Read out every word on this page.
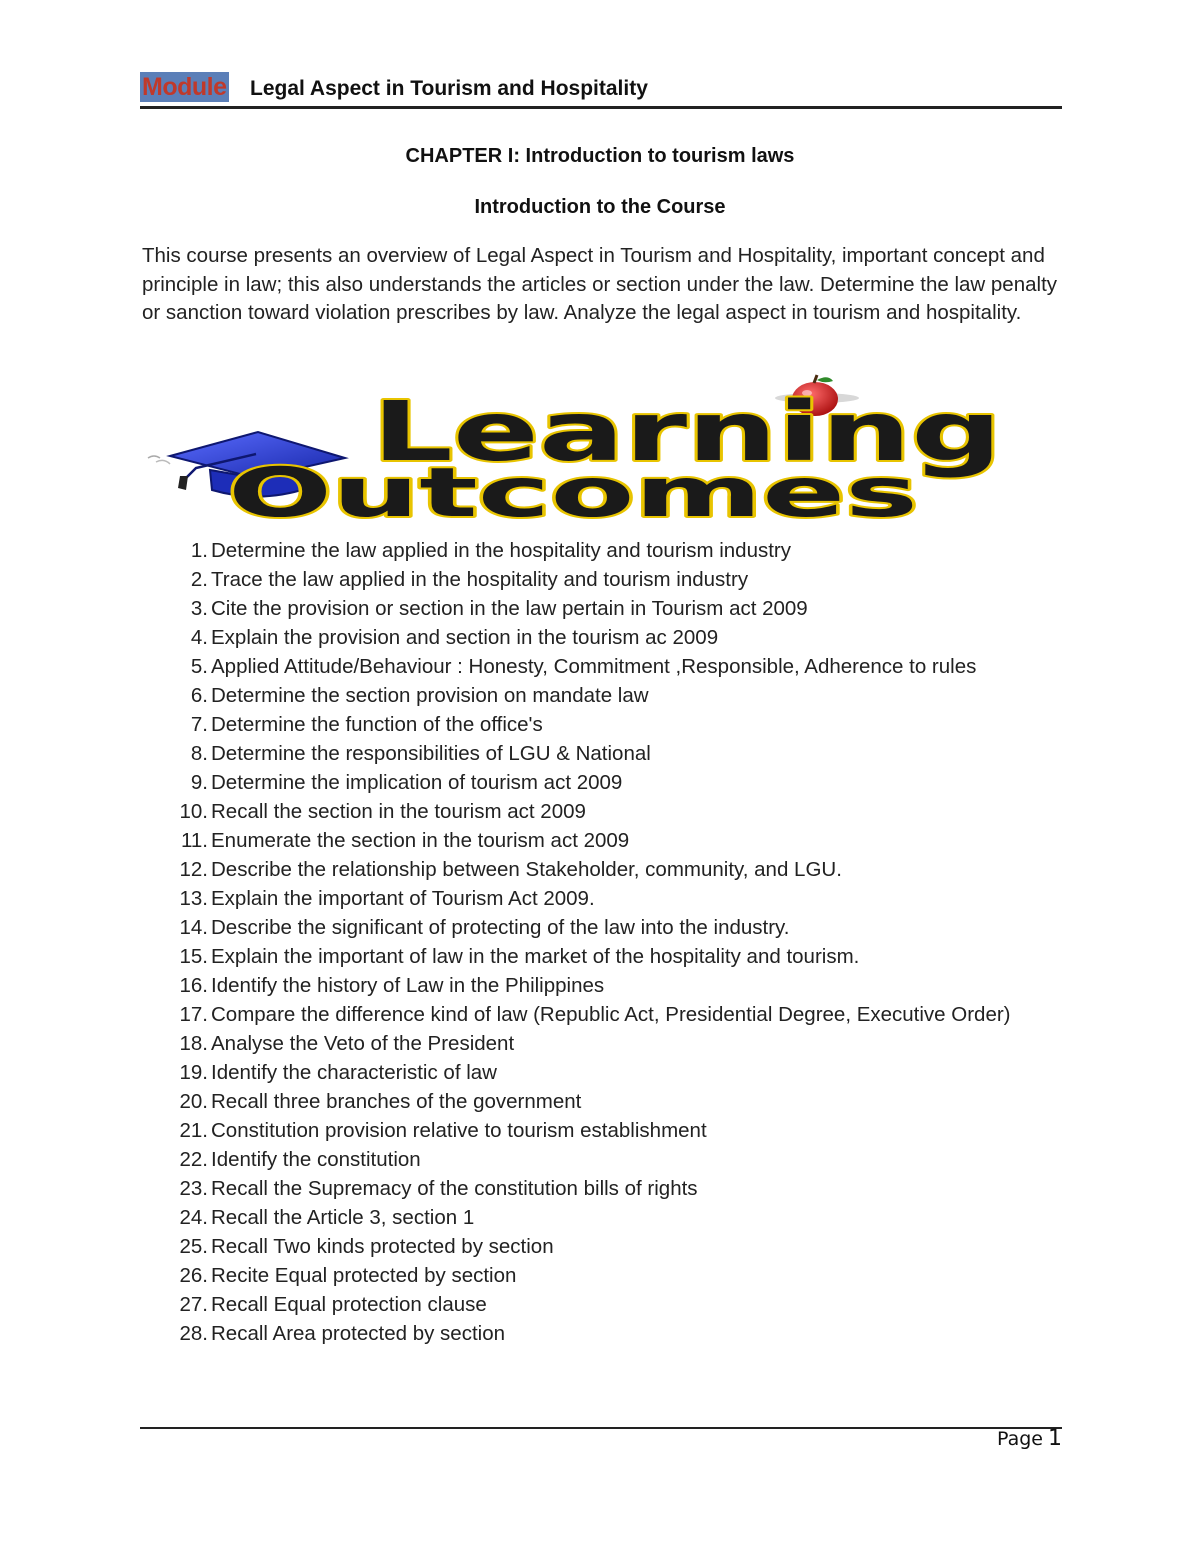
Module Legal Aspect in Tourism and Hospitality
CHAPTER I: Introduction to tourism laws
Introduction to the Course

This course presents an overview of Legal Aspect in Tourism and Hospitality, important concept and principle in law; this also understands the articles or section under the law. Determine the law penalty or sanction toward violation prescribes by law. Analyze the legal aspect in tourism and hospitality.

Learning
Outcomes
1. Determine the law applied in the hospitality and tourism industry
2. Trace the law applied in the hospitality and tourism industry
3. Cite the provision or section in the law pertain in Tourism act 2009
4. Explain the provision and section in the tourism ac 2009
5. Applied Attitude/Behaviour : Honesty, Commitment ,Responsible, Adherence to rules
6. Determine the section provision on mandate law
7. Determine the function of the office's
8. Determine the responsibilities of LGU & National
9. Determine the implication of tourism act 2009
10. Recall the section in the tourism act 2009
11. Enumerate the section in the tourism act 2009
12. Describe the relationship between Stakeholder, community, and LGU.
13. Explain the important of Tourism Act 2009.
14. Describe the significant of protecting of the law into the industry.
15. Explain the important of law in the market of the hospitality and tourism.
16. Identify the history of Law in the Philippines
17. Compare the difference kind of law (Republic Act, Presidential Degree, Executive Order)
18. Analyse the Veto of the President
19. Identify the characteristic of law
20. Recall three branches of the government
21. Constitution provision relative to tourism establishment
22. Identify the constitution
23. Recall the Supremacy of the constitution bills of rights
24. Recall the Article 3, section 1
25. Recall Two kinds protected by section
26. Recite Equal protected by section
27. Recall Equal protection clause
28. Recall Area protected by section
Page 1
